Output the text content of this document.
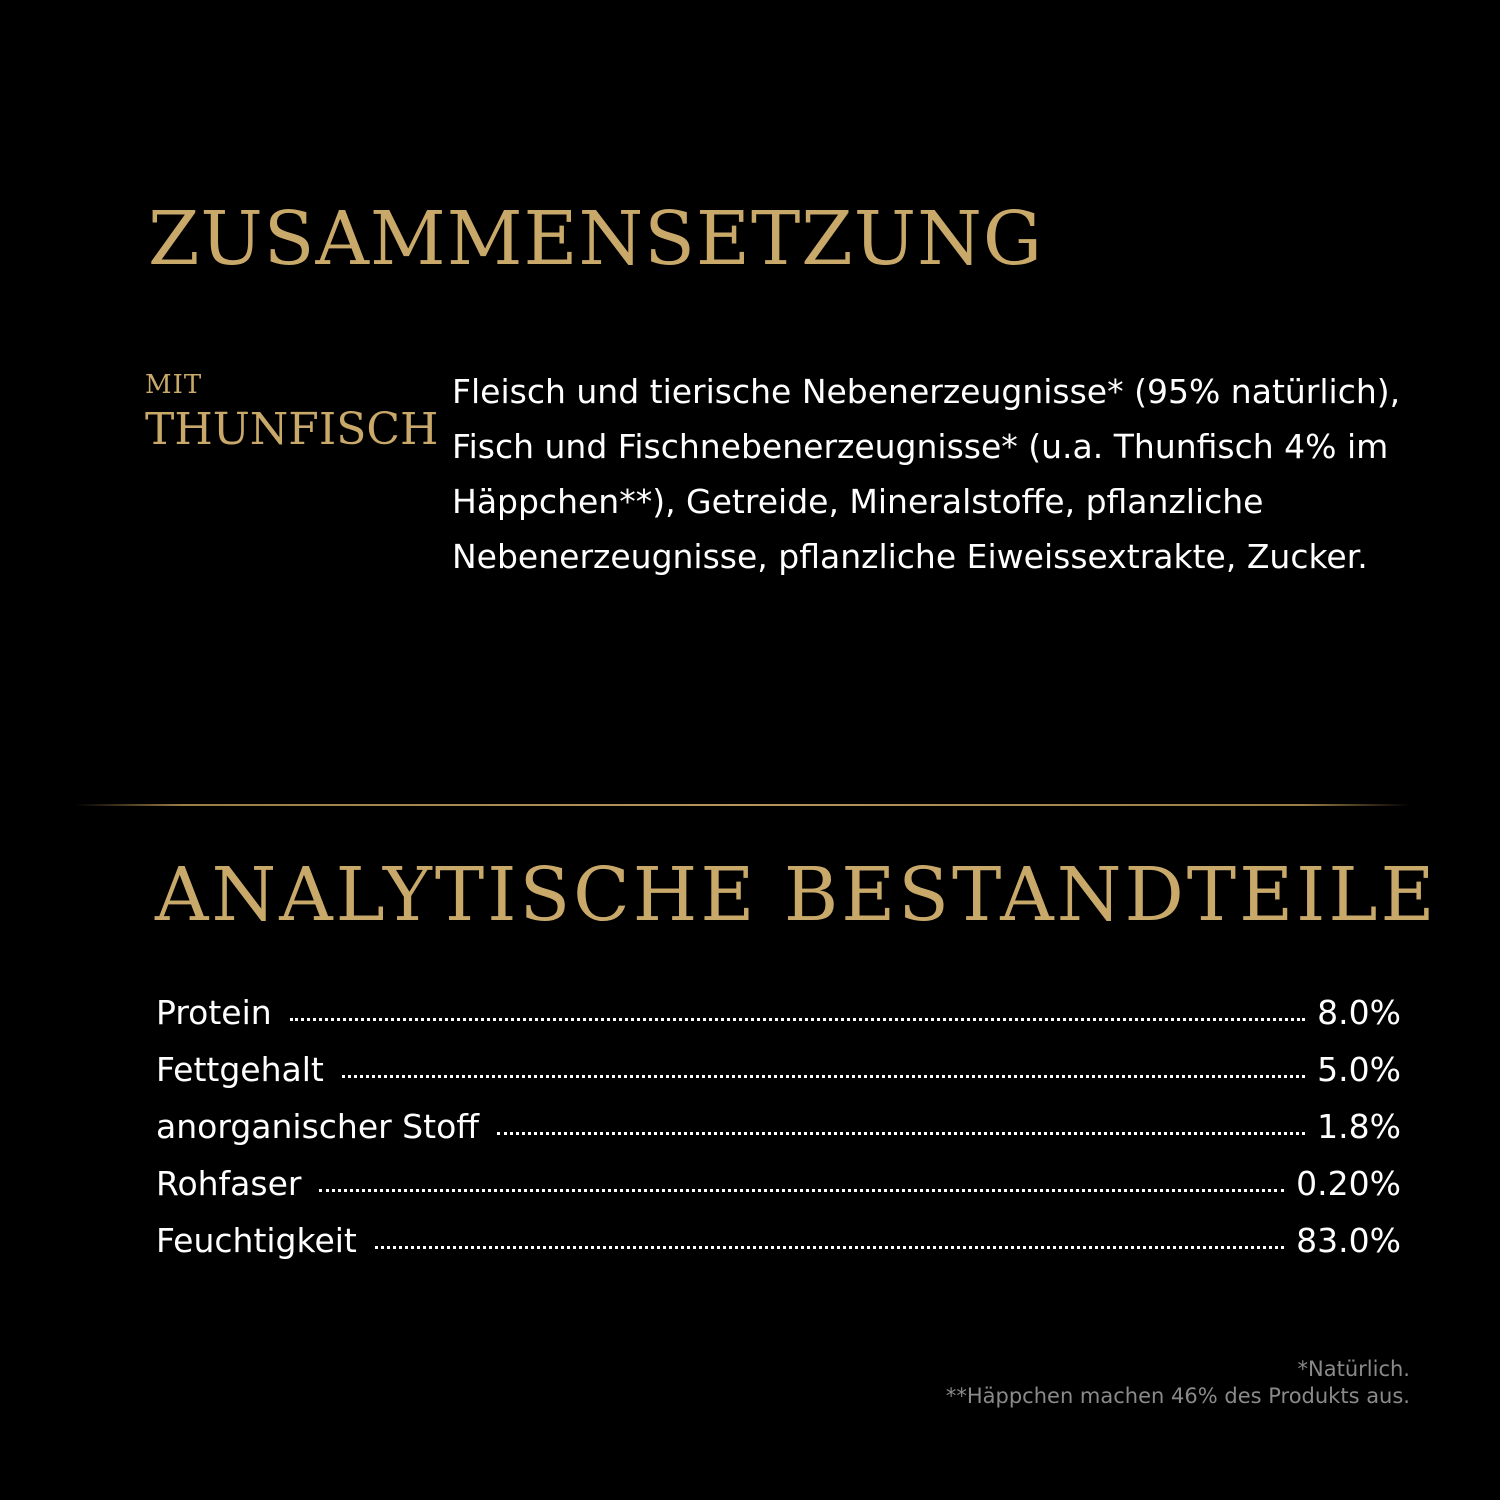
ZUSAMMENSETZUNG
MIT
THUNFISCH

Fleisch und tierische Nebenerzeugnisse* (95% natürlich), Fisch und Fischnebenerzeugnisse* (u.a. Thunfisch 4% im Häppchen**), Getreide, Mineralstoffe, pflanzliche Nebenerzeugnisse, pflanzliche Eiweissextrakte, Zucker.

ANALYTISCHE BESTANDTEILE
Protein	8.0%
Fettgehalt	5.0%
anorganischer Stoff	1.8%
Rohfaser	0.20%
Feuchtigkeit	83.0%
*Natürlich.
**Häppchen machen 46% des Produkts aus.
